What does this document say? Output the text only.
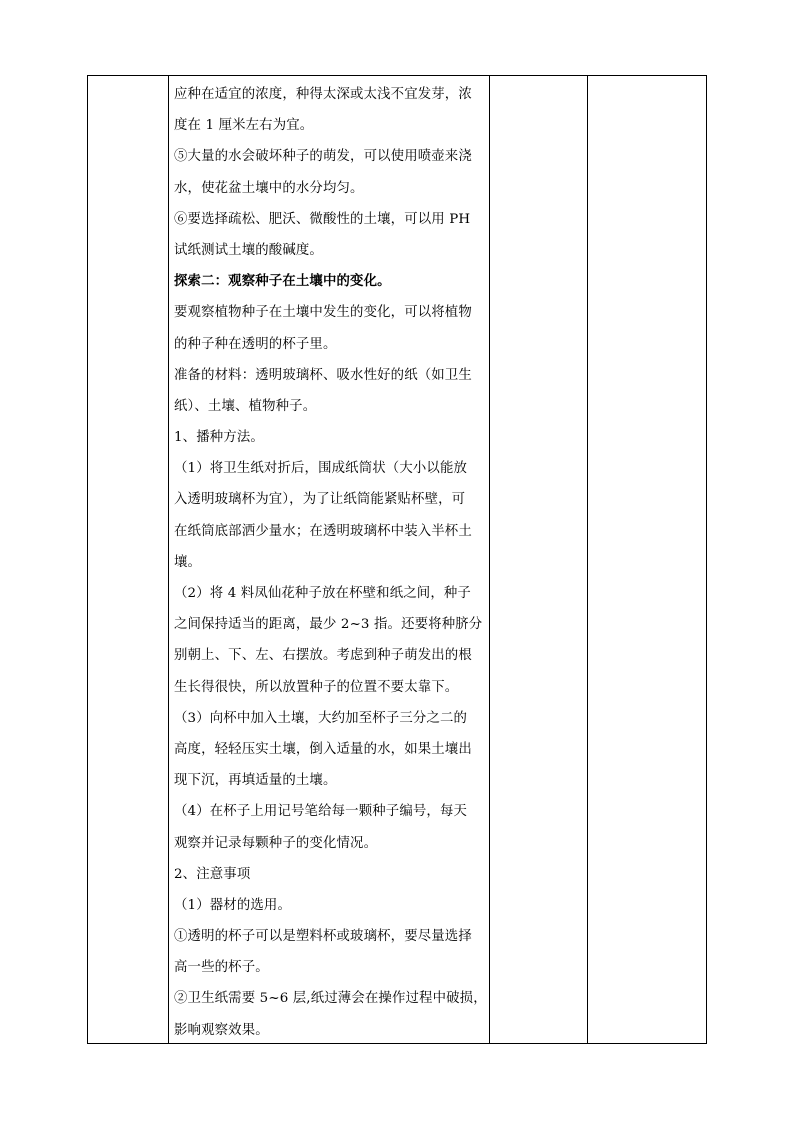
应种在适宜的浓度，种得太深或太浅不宜发芽，浓
度在 1 厘米左右为宜。
⑤大量的水会破坏种子的萌发，可以使用喷壶来浇
水，使花盆土壤中的水分均匀。
⑥要选择疏松、肥沃、微酸性的土壤，可以用 PH
试纸测试土壤的酸碱度。
探索二：观察种子在土壤中的变化。
要观察植物种子在土壤中发生的变化，可以将植物
的种子种在透明的杯子里。
准备的材料：透明玻璃杯、吸水性好的纸（如卫生
纸）、土壤、植物种子。
1、播种方法。
（1）将卫生纸对折后，围成纸筒状（大小以能放
入透明玻璃杯为宜），为了让纸筒能紧贴杯壁，可
在纸筒底部洒少量水；在透明玻璃杯中装入半杯土
壤。
（2）将 4 料凤仙花种子放在杯壁和纸之间，种子
之间保持适当的距离，最少 2~3 指。还要将种脐分
别朝上、下、左、右摆放。考虑到种子萌发出的根
生长得很快，所以放置种子的位置不要太靠下。
（3）向杯中加入土壤，大约加至杯子三分之二的
高度，轻轻压实土壤，倒入适量的水，如果土壤出
现下沉，再填适量的土壤。
（4）在杯子上用记号笔给每一颗种子编号，每天
观察并记录每颗种子的变化情况。
2、注意事项
（1）器材的选用。
①透明的杯子可以是塑料杯或玻璃杯，要尽量选择
高一些的杯子。
②卫生纸需要 5~6 层,纸过薄会在操作过程中破损，
影响观察效果。
